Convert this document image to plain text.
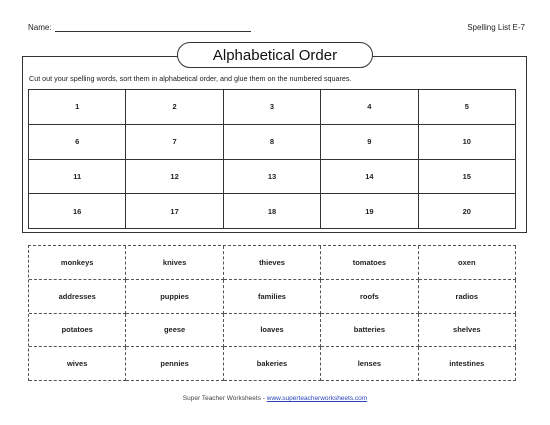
Name:	Spelling List E-7
Alphabetical Order
Cut out your spelling words, sort them in alphabetical order, and glue them on the numbered squares.
1	2	3	4	5
6	7	8	9	10
11	12	13	14	15
16	17	18	19	20
monkeys	knives	thieves	tomatoes	oxen
addresses	puppies	families	roofs	radios
potatoes	geese	loaves	batteries	shelves
wives	pennies	bakeries	lenses	intestines
Super Teacher Worksheets - www.superteacherworksheets.com
